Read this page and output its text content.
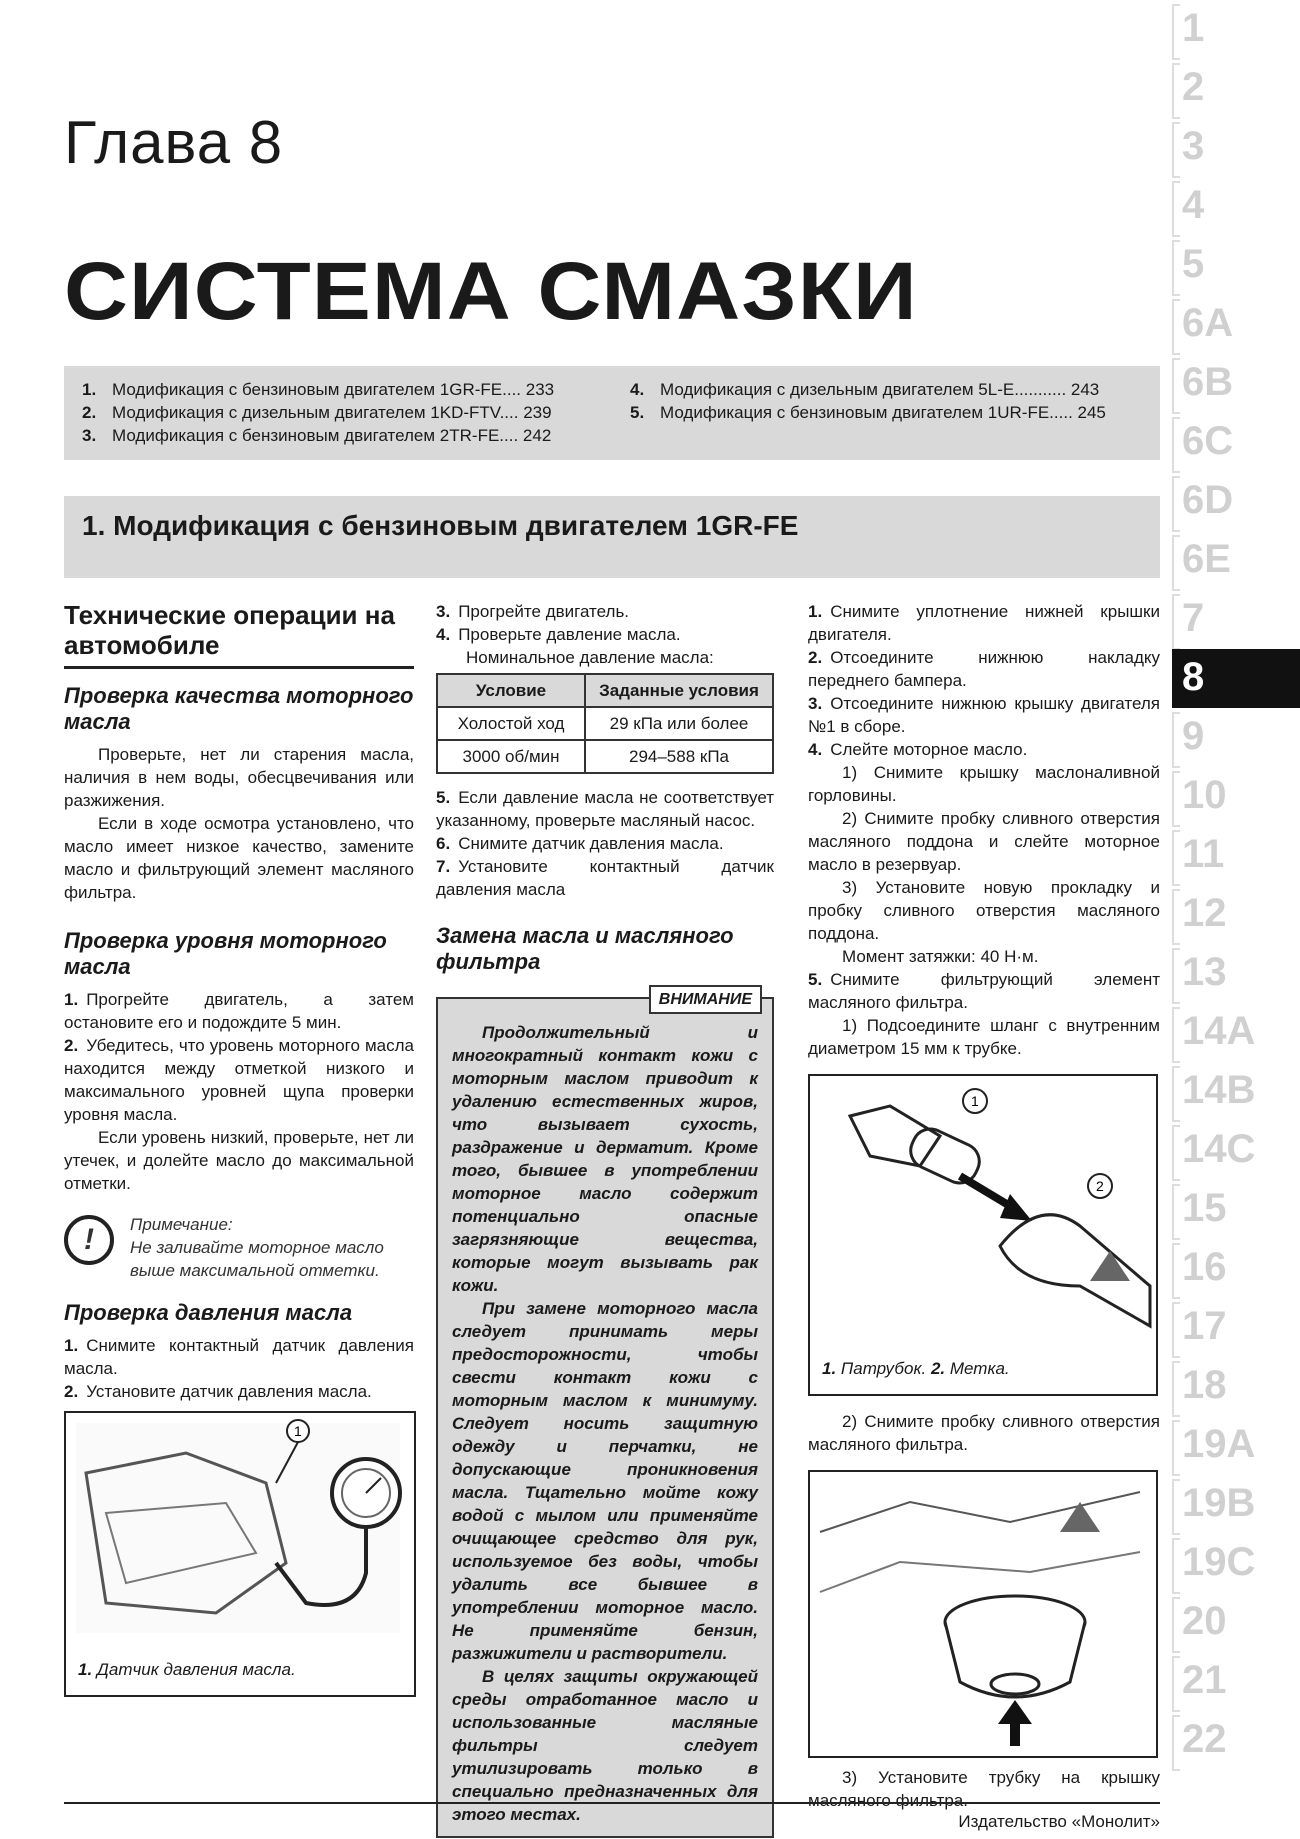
Глава 8
СИСТЕМА СМАЗКИ
1. Модификация с бензиновым двигателем 1GR-FE.... 233
2. Модификация с дизельным двигателем 1KD-FTV.... 239
3. Модификация с бензиновым двигателем 2TR-FE.... 242
4. Модификация с дизельным двигателем 5L-E........... 243
5. Модификация с бензиновым двигателем 1UR-FE..... 245
1. Модификация с бензиновым двигателем 1GR-FE
Технические операции на автомобиле
Проверка качества моторного масла
Проверьте, нет ли старения масла, наличия в нем воды, обесцвечивания или разжижения.
Если в ходе осмотра установлено, что масло имеет низкое качество, замените масло и фильтрующий элемент масляного фильтра.
Проверка уровня моторного масла
1. Прогрейте двигатель, а затем остановите его и подождите 5 мин.
2. Убедитесь, что уровень моторного масла находится между отметкой низкого и максимального уровней щупа проверки уровня масла.
Если уровень низкий, проверьте, нет ли утечек, и долейте масло до максимальной отметки.
!	Примечание:
Не заливайте моторное масло выше максимальной отметки.
Проверка давления масла
1. Снимите контактный датчик давления масла.
2. Установите датчик давления масла.
1
1. Датчик давления масла.
3. Прогрейте двигатель.
4. Проверьте давление масла.
Номинальное давление масла:
Условие	Заданные условия
Холостой ход	29 кПа или более
3000 об/мин	294–588 кПа
5. Если давление масла не соответствует указанному, проверьте масляный насос.
6. Снимите датчик давления масла.
7. Установите контактный датчик давления масла
Замена масла и масляного фильтра
ВНИМАНИЕ

Продолжительный и многократный контакт кожи с моторным маслом приводит к удалению естественных жиров, что вызывает сухость, раздражение и дерматит. Кроме того, бывшее в употреблении моторное масло содержит потенциально опасные загрязняющие вещества, которые могут вызывать рак кожи.

При замене моторного масла следует принимать меры предосторожности, чтобы свести контакт кожи с моторным маслом к минимуму. Следует носить защитную одежду и перчатки, не допускающие проникновения масла. Тщательно мойте кожу водой с мылом или применяйте очищающее средство для рук, используемое без воды, чтобы удалить все бывшее в употреблении моторное масло. Не применяйте бензин, разжижители и растворители.

В целях защиты окружающей среды отработанное масло и использованные масляные фильтры следует утилизировать только в специально предназначенных для этого местах.

1. Снимите уплотнение нижней крышки двигателя.
2. Отсоедините нижнюю накладку переднего бампера.
3. Отсоедините нижнюю крышку двигателя №1 в сборе.
4. Слейте моторное масло.
1) Снимите крышку маслоналивной горловины.
2) Снимите пробку сливного отверстия масляного поддона и слейте моторное масло в резервуар.
3) Установите новую прокладку и пробку сливного отверстия масляного поддона.
Момент затяжки: 40 Н·м.
5. Снимите фильтрующий элемент масляного фильтра.
1) Подсоедините шланг с внутренним диаметром 15 мм к трубке.
1
2
1. Патрубок. 2. Метка.
2) Снимите пробку сливного отверстия масляного фильтра.
3) Установите трубку на крышку масляного фильтра.
1
2
3
4
5
6A
6B
6C
6D
6E
7
8
9
10
11
12
13
14A
14B
14C
15
16
17
18
19A
19B
19C
20
21
22
Издательство «Монолит»
